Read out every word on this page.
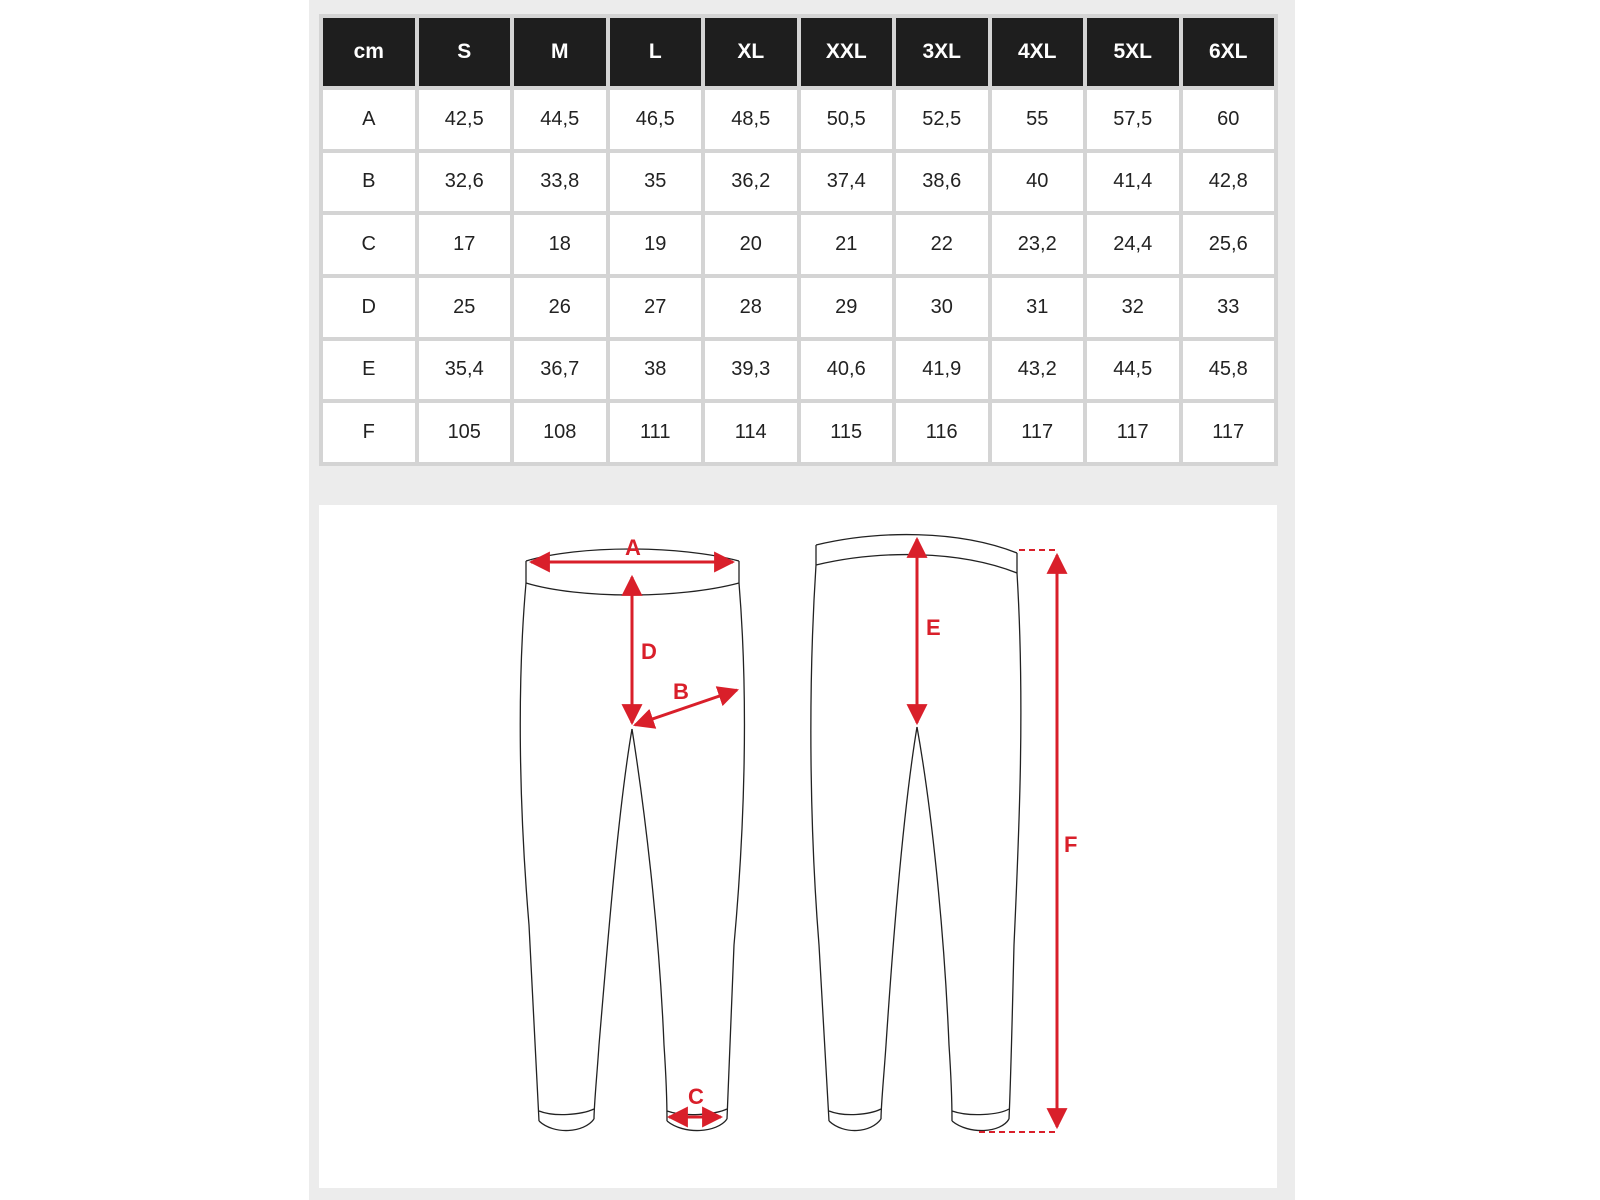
cm	S	M	L	XL	XXL	3XL	4XL	5XL	6XL
A	42,5	44,5	46,5	48,5	50,5	52,5	55	57,5	60
B	32,6	33,8	35	36,2	37,4	38,6	40	41,4	42,8
C	17	18	19	20	21	22	23,2	24,4	25,6
D	25	26	27	28	29	30	31	32	33
E	35,4	36,7	38	39,3	40,6	41,9	43,2	44,5	45,8
F	105	108	111	114	115	116	117	117	117
A
D
B
C
E
F
